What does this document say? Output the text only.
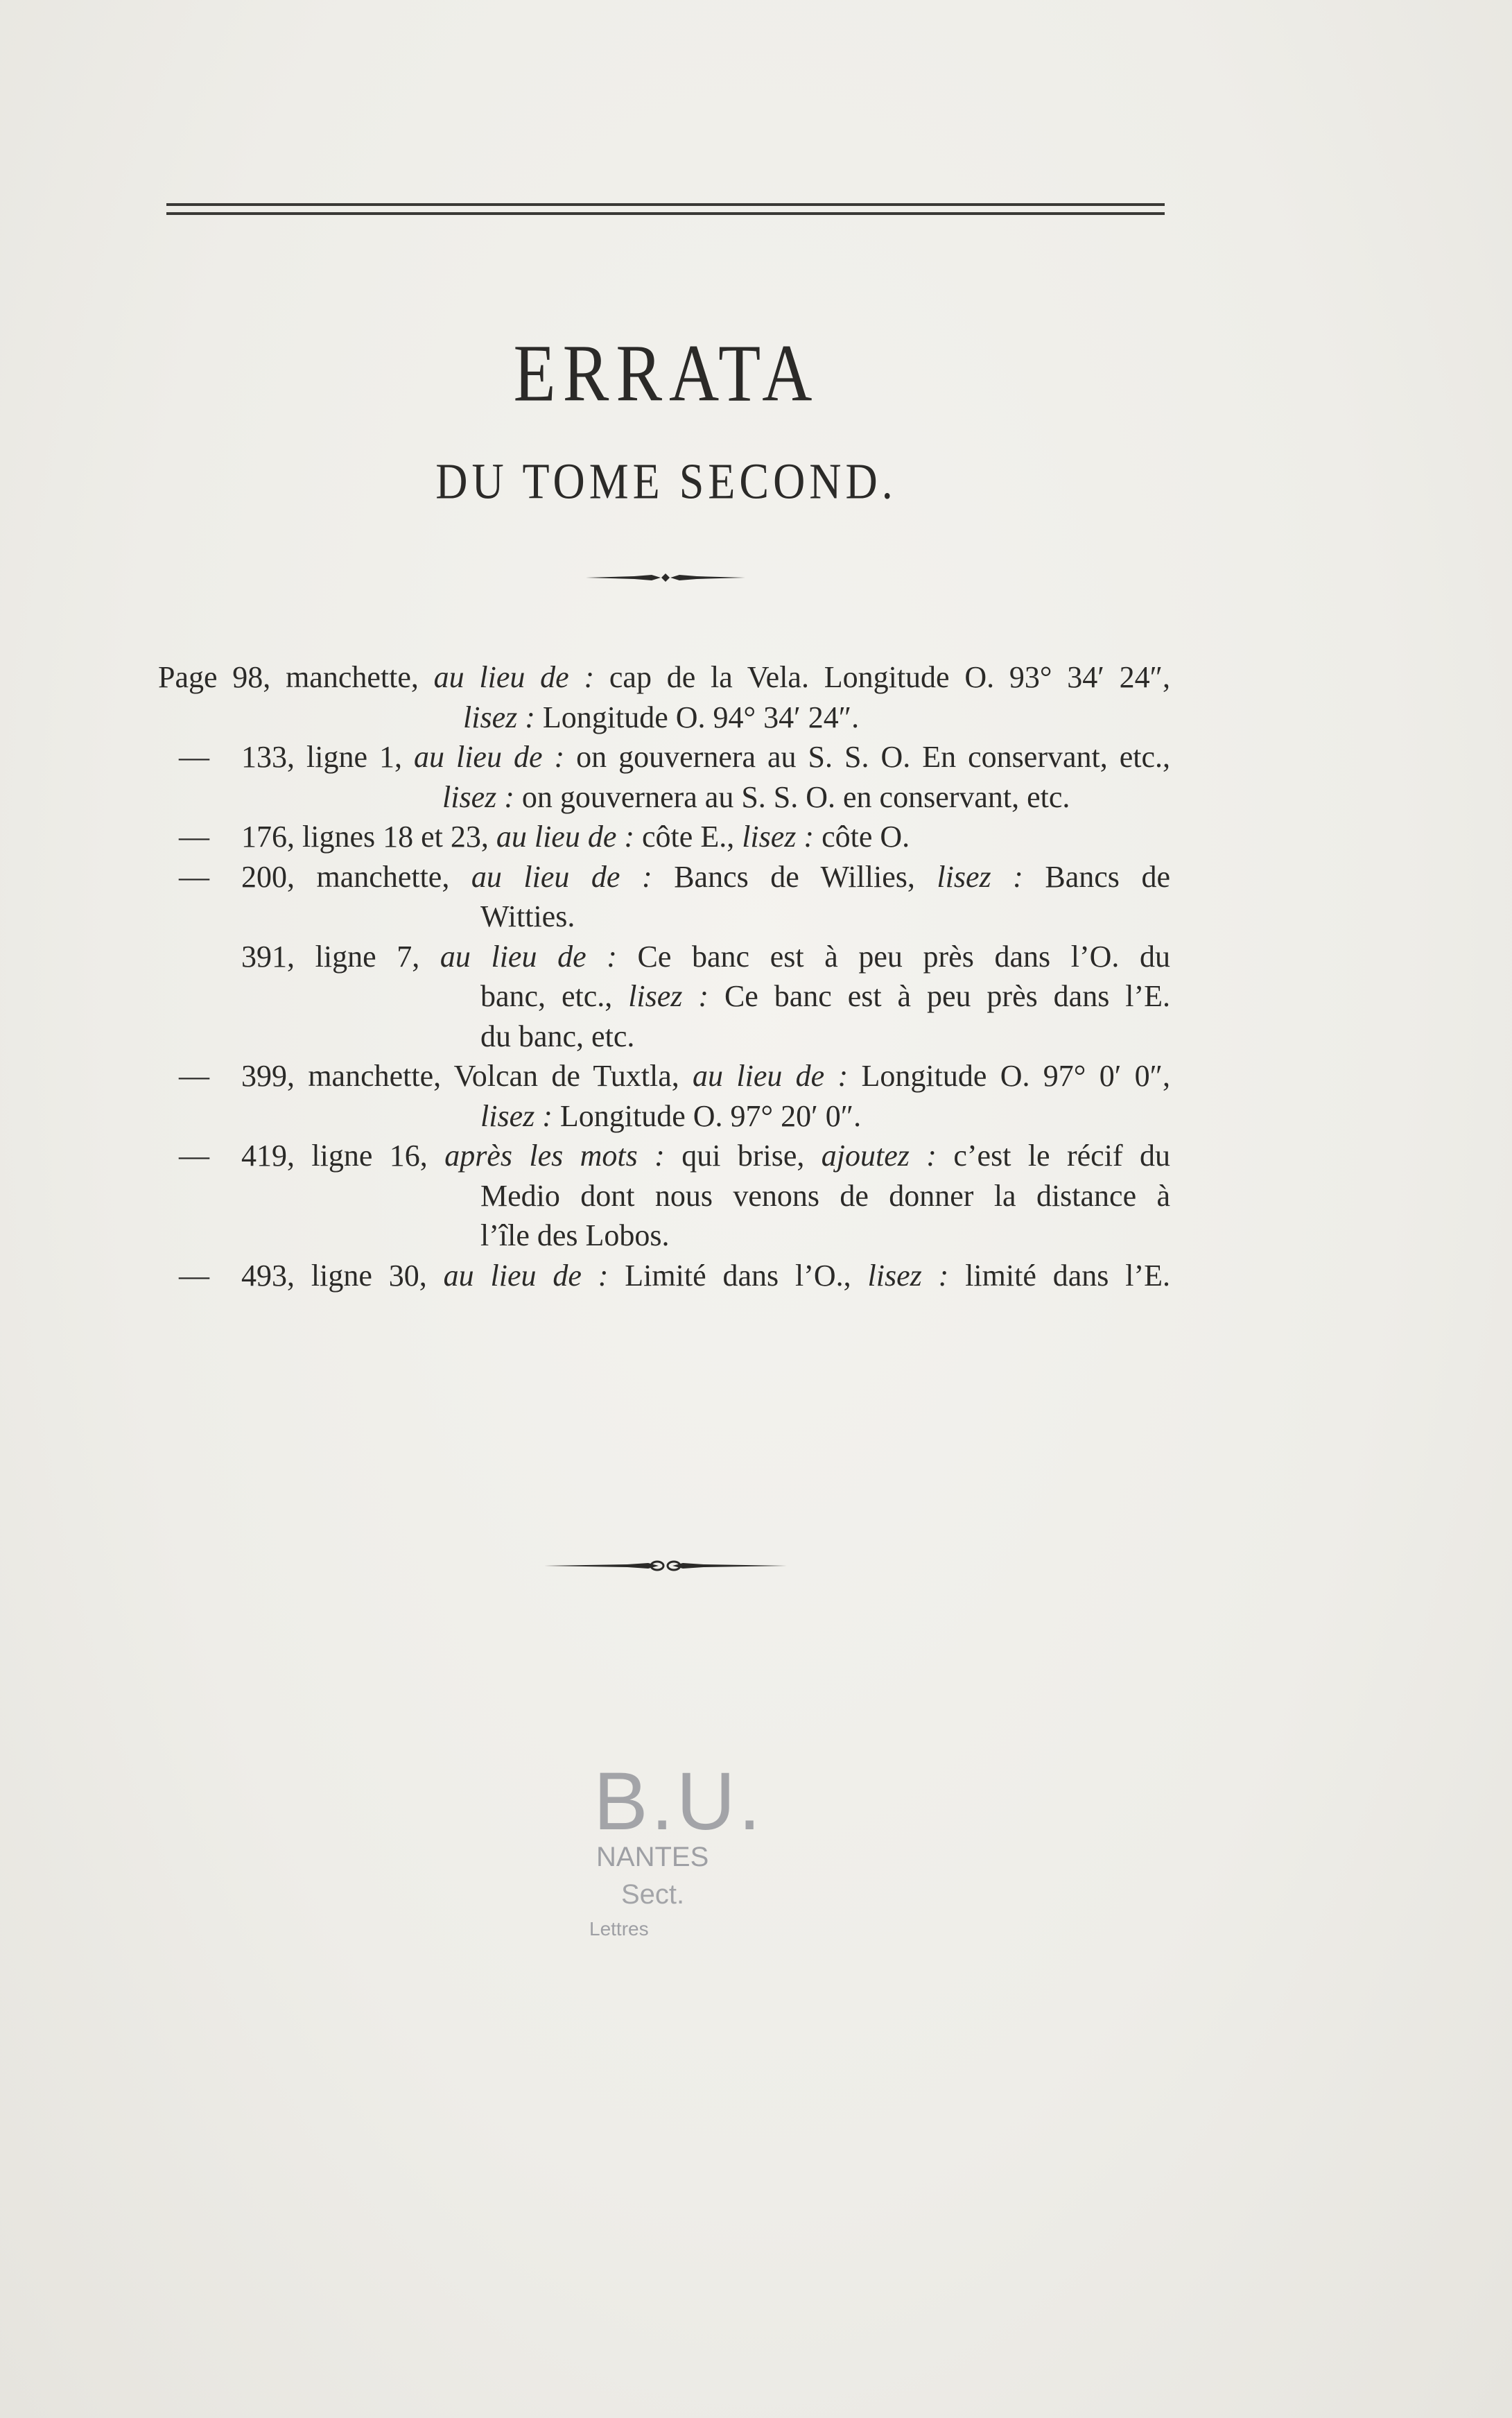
ERRATA
DU TOME SECOND.
Page 98, manchette, au lieu de : cap de la Vela. Longitude O. 93° 34′ 24″,
lisez : Longitude O. 94° 34′ 24″.
— 133, ligne 1, au lieu de : on gouvernera au S. S. O. En conservant, etc.,
lisez : on gouvernera au S. S. O. en conservant, etc.
— 176, lignes 18 et 23, au lieu de : côte E., lisez : côte O.
— 200, manchette, au lieu de : Bancs de Willies, lisez : Bancs de
Witties.
391, ligne 7, au lieu de : Ce banc est à peu près dans l’O. du
banc, etc., lisez : Ce banc est à peu près dans l’E.
du banc, etc.
— 399, manchette, Volcan de Tuxtla, au lieu de : Longitude O. 97° 0′ 0″,
lisez : Longitude O. 97° 20′ 0″.
— 419, ligne 16, après les mots : qui brise, ajoutez : c’est le récif du
Medio dont nous venons de donner la distance à
l’île des Lobos.
— 493, ligne 30, au lieu de : Limité dans l’O., lisez : limité dans l’E.
B.U.
NANTES
Sect.
Lettres
